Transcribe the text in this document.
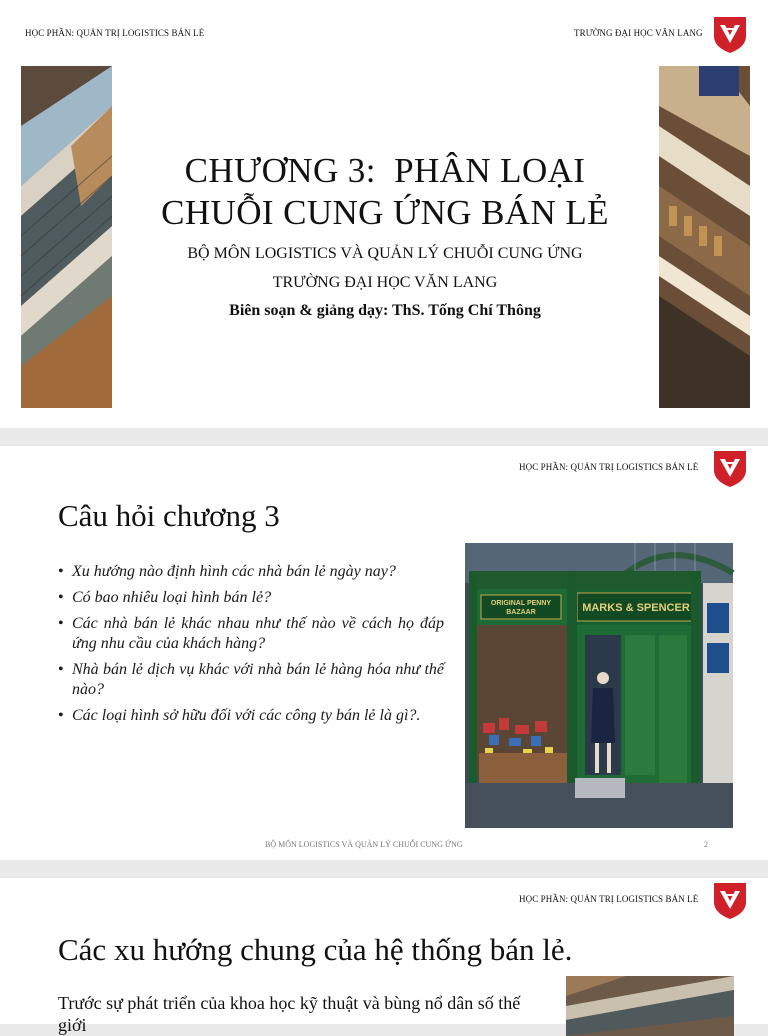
HỌC PHẦN: QUẢN TRỊ LOGISTICS BÁN LẺ	TRƯỜNG ĐẠI HỌC VĂN LANG
CHƯƠNG 3:  PHÂN LOẠI
CHUỖI CUNG ỨNG BÁN LẺ
BỘ MÔN LOGISTICS VÀ QUẢN LÝ CHUỖI CUNG ỨNG
TRƯỜNG ĐẠI HỌC VĂN LANG
Biên soạn & giảng dạy: ThS. Tống Chí Thông
HỌC PHẦN: QUẢN TRỊ LOGISTICS BÁN LẺ
Câu hỏi chương 3
• Xu hướng nào định hình các nhà bán lẻ ngày nay?
• Có bao nhiêu loại hình bán lẻ?
• Các nhà bán lẻ khác nhau như thế nào về cách họ đáp ứng nhu cầu của khách hàng?
• Nhà bán lẻ dịch vụ khác với nhà bán lẻ hàng hóa như thế nào?
• Các loại hình sở hữu đối với các công ty bán lẻ là gì?.
ORIGINAL PENNY
BAZAAR	MARKS & SPENCER
BỘ MÔN LOGISTICS VÀ QUẢN LÝ CHUỖI CUNG ỨNG	2
HỌC PHẦN: QUẢN TRỊ LOGISTICS BÁN LẺ
Các xu hướng chung của hệ thống bán lẻ.
Trước sự phát triển của khoa học kỹ thuật và bùng nổ dân số thế giới
